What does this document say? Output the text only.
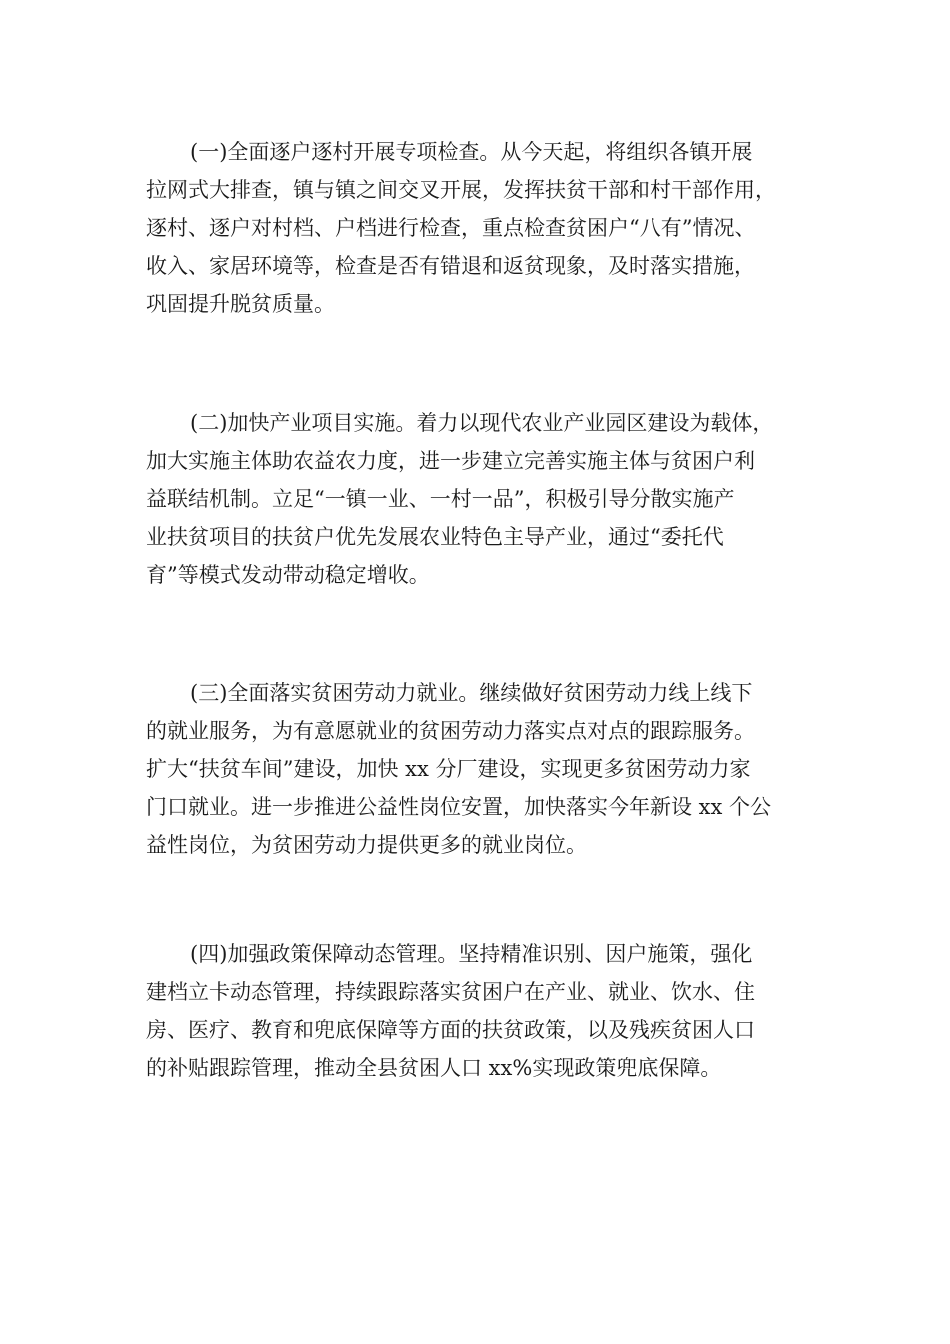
(一)全面逐户逐村开展专项检查。从今天起，将组织各镇开展
拉网式大排查，镇与镇之间交叉开展，发挥扶贫干部和村干部作用，
逐村、逐户对村档、户档进行检查，重点检查贫困户“八有”情况、
收入、家居环境等，检查是否有错退和返贫现象，及时落实措施，
巩固提升脱贫质量。
(二)加快产业项目实施。着力以现代农业产业园区建设为载体，
加大实施主体助农益农力度，进一步建立完善实施主体与贫困户利
益联结机制。立足“一镇一业、一村一品”，积极引导分散实施产
业扶贫项目的扶贫户优先发展农业特色主导产业，通过“委托代
育”等模式发动带动稳定增收。
(三)全面落实贫困劳动力就业。继续做好贫困劳动力线上线下
的就业服务，为有意愿就业的贫困劳动力落实点对点的跟踪服务。
扩大“扶贫车间”建设，加快 xx 分厂建设，实现更多贫困劳动力家
门口就业。进一步推进公益性岗位安置，加快落实今年新设 xx 个公
益性岗位，为贫困劳动力提供更多的就业岗位。
(四)加强政策保障动态管理。坚持精准识别、因户施策，强化
建档立卡动态管理，持续跟踪落实贫困户在产业、就业、饮水、住
房、医疗、教育和兜底保障等方面的扶贫政策，以及残疾贫困人口
的补贴跟踪管理，推动全县贫困人口 xx%实现政策兜底保障。
